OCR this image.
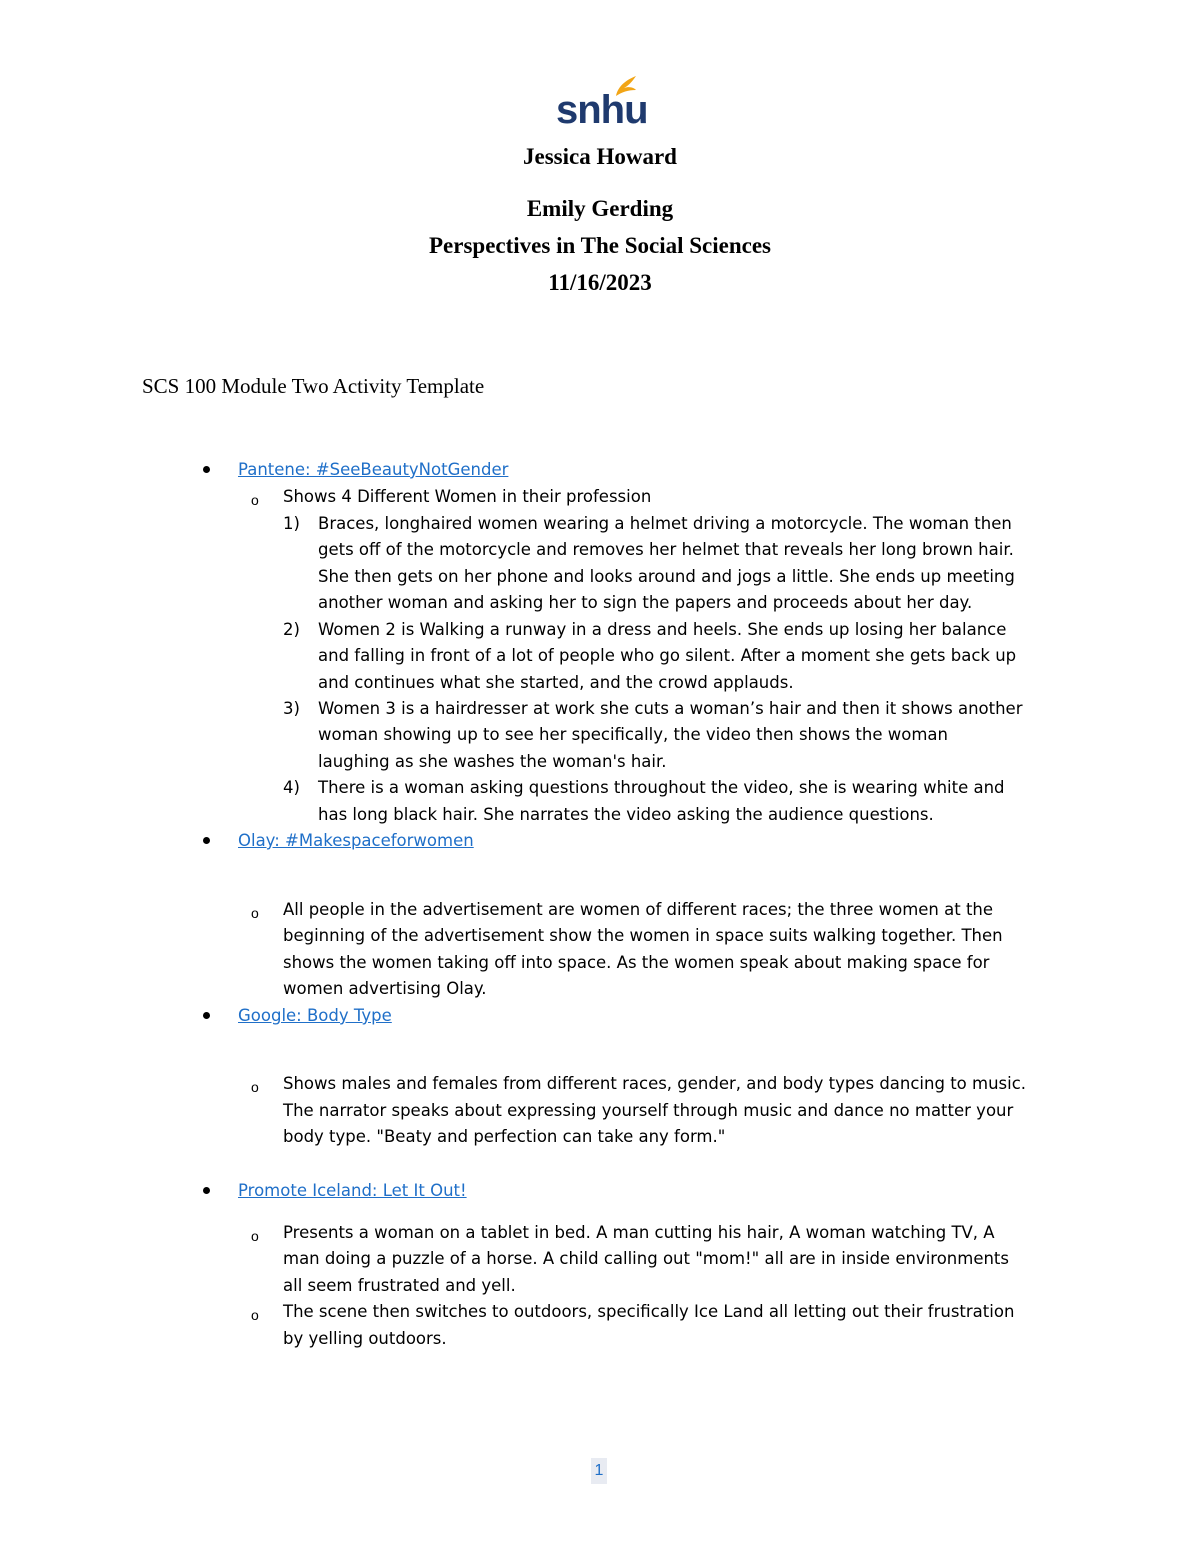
snhu
Jessica Howard
Emily Gerding
Perspectives in The Social Sciences
11/16/2023
SCS 100 Module Two Activity Template
Pantene: #SeeBeautyNotGender
o Shows 4 Different Women in their profession
1) Braces, longhaired women wearing a helmet driving a motorcycle. The woman then
gets off of the motorcycle and removes her helmet that reveals her long brown hair.
She then gets on her phone and looks around and jogs a little. She ends up meeting
another woman and asking her to sign the papers and proceeds about her day.
2) Women 2 is Walking a runway in a dress and heels. She ends up losing her balance
and falling in front of a lot of people who go silent. After a moment she gets back up
and continues what she started, and the crowd applauds.
3) Women 3 is a hairdresser at work she cuts a woman’s hair and then it shows another
woman showing up to see her specifically, the video then shows the woman
laughing as she washes the woman's hair.
4) There is a woman asking questions throughout the video, she is wearing white and
has long black hair. She narrates the video asking the audience questions.
Olay: #Makespaceforwomen
o All people in the advertisement are women of different races; the three women at the
beginning of the advertisement show the women in space suits walking together. Then
shows the women taking off into space. As the women speak about making space for
women advertising Olay.
Google: Body Type
o Shows males and females from different races, gender, and body types dancing to music.
The narrator speaks about expressing yourself through music and dance no matter your
body type. "Beaty and perfection can take any form."
Promote Iceland: Let It Out!
o Presents a woman on a tablet in bed. A man cutting his hair, A woman watching TV, A
man doing a puzzle of a horse. A child calling out "mom!" all are in inside environments
all seem frustrated and yell.
o The scene then switches to outdoors, specifically Ice Land all letting out their frustration
by yelling outdoors.
1
